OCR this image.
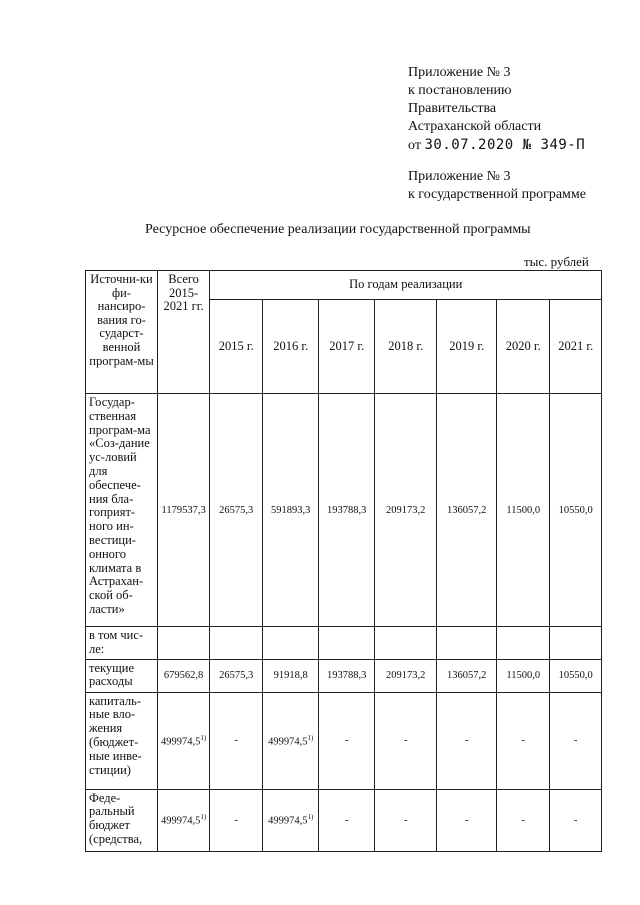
Приложение № 3
к постановлению
Правительства
Астраханской области
от 30.07.2020 № 349-П
Приложение № 3
к государственной программе
Ресурсное обеспечение реализации государственной программы
тыс. рублей
Источни-ки фи-нансиро-вания го-сударст-венной програм-мы	Всего 2015-2021 гг.	По годам реализации						
		2015 г.	2016 г.	2017 г.	2018 г.	2019 г.	2020 г.	2021 г.
Государ-ственная програм-ма «Соз-дание ус-ловий для обеспече-ния бла-гоприят-ного ин-вестици-онного климата в Астрахан-ской об-ласти»	1179537,3	26575,3	591893,3	193788,3	209173,2	136057,2	11500,0	10550,0
в том чис-ле:								
текущие расходы	679562,8	26575,3	91918,8	193788,3	209173,2	136057,2	11500,0	10550,0
капиталь-ные вло-жения (бюджет-ные инве-стиции)	499974,5$^{1)}$	-	499974,5$^{1)}$	-	-	-	-	-
Феде-ральный бюджет (средства,	499974,5$^{1)}$	-	499974,5$^{1)}$	-	-	-	-	-
